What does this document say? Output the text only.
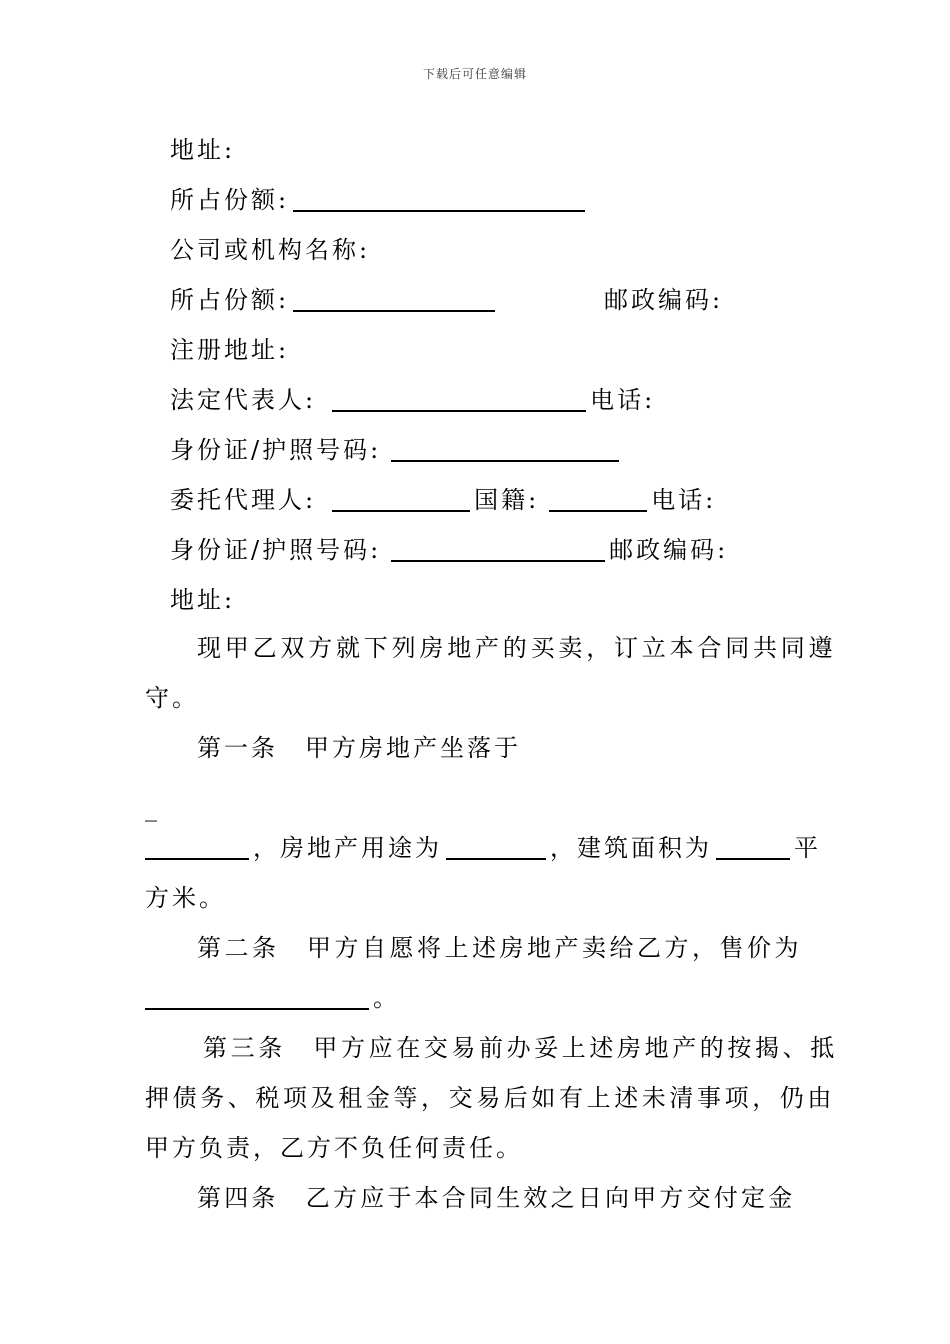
下载后可任意编辑
地址:
所占份额:
公司或机构名称:
所占份额:	邮政编码:
注册地址:
法定代表人:	电话:
身份证/护照号码:
委托代理人:	国籍:	电话:
身份证/护照号码:	邮政编码:
地址:
现甲乙双方就下列房地产的买卖，订立本合同共同遵
守。
第一条　甲方房地产坐落于
_
，房地产用途为	，建筑面积为	平
方米。
第二条　甲方自愿将上述房地产卖给乙方，售价为
。
第三条　甲方应在交易前办妥上述房地产的按揭、抵
押债务、税项及租金等，交易后如有上述未清事项，仍由
甲方负责，乙方不负任何责任。
第四条　乙方应于本合同生效之日向甲方交付定金
